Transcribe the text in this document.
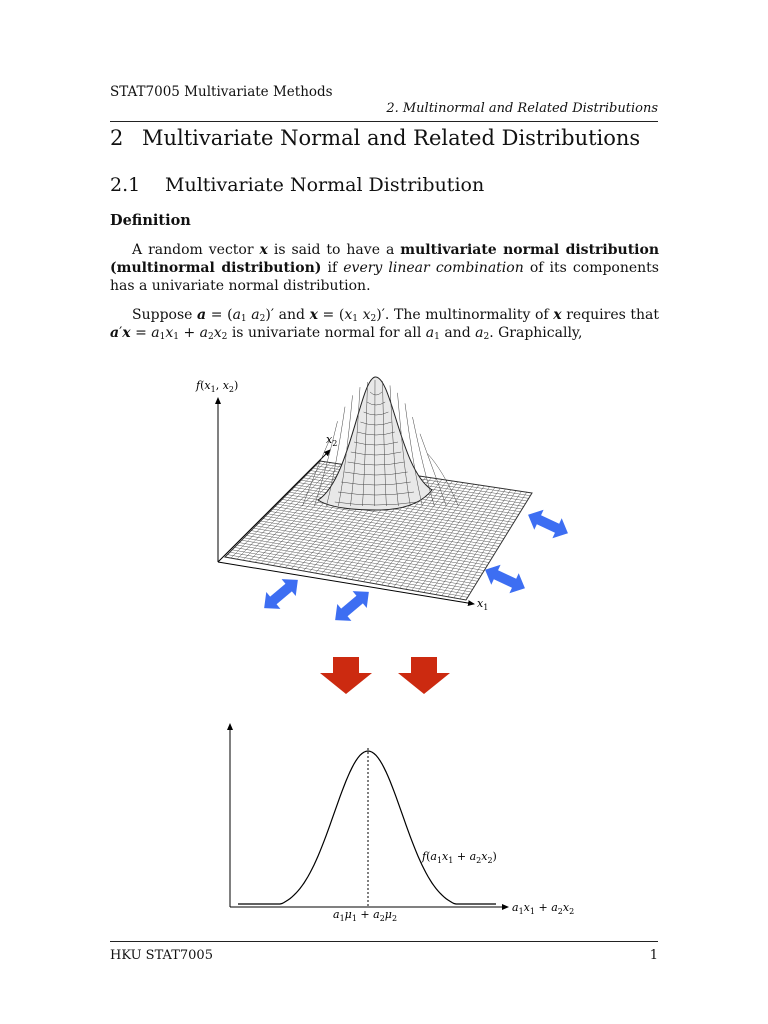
STAT7005 Multivariate Methods
2. Multinormal and Related Distributions
2 Multivariate Normal and Related Distributions
2.1 Multivariate Normal Distribution
Definition
A random vector x is said to have a multivariate normal distribution (multinormal distribution) if every linear combination of its components has a univariate normal distribution.
Suppose $a = (a_1$ $a_2)'$ and $x = (x_1$ $x_2)'$. The multinormality of x requires that $a'x = a_1x_1 + a_2x_2$ is univariate normal for all $a_1$ and $a_2$. Graphically,
$f(x_1$, $x_2$)
$x_2$
$x_1$
$f(a_1x_1 + a_2x_2)$
$a_1x_1 + a_2x_2$
$a_1\mu_1 + a_2\mu_2$
HKU STAT7005	1
